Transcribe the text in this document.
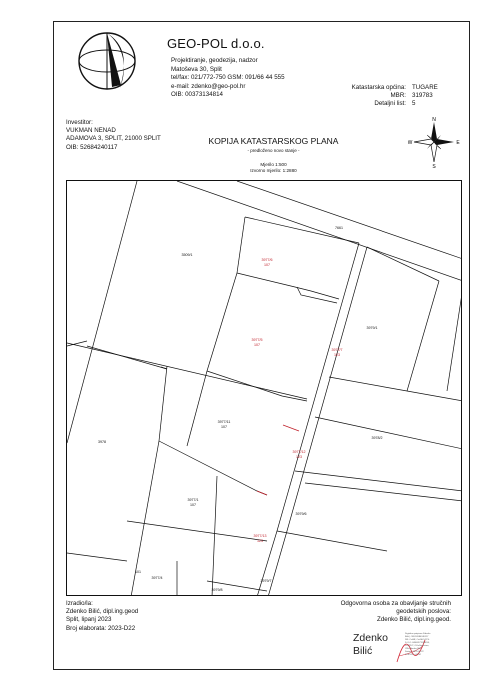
GEO-POL d.o.o.
Projektiranje, geodezija, nadzor
Matoševa 30, Split
tel/fax: 021/772-750 GSM: 091/66 44 555
e-mail: zdenko@geo-pol.hr
OIB: 00373134814
Katastarska općina: TUGARE
MBR: 319783
Detaljni list: 5
Investitor:
VUKMAN NENAD
ADAMOVA 3, SPLIT, 21000 SPLIT
OIB: 52684240117
KOPIJA KATASTARSKOG PLANA
- predloženo novo stanje -
Mjerilo 1:500
Izvorno mjerilo: 1:2880
N
S
E
W
7661
3509/1
3977/6
107
3977/5
107
3977/7
123
3979/1
3977/11
107
3977/12
123
3978/2
3978
3977/1
107
3979/6
3977/13
123
101
3977/4
3979/7
3979/8
Izradio/la:
Zdenko Bilić, dipl.ing.geod
Split, lipanj 2023
Broj elaborata: 2023-D22
Odgovorna osoba za obavljanje stručnih
geodetskih poslova:
Zdenko Bilić, dipl.ing.geod.
Zdenko
Bilić
Digitalno potpisao Zdenko
Bilić | OIB 52684240117
DN: C=HR, O=GEO-POL
D.O.O. HR00373134814,
L=SPLIT, OU=Signature,
CN=Zdenko Bilić
Datum: 2023.06.22
10:43:57 +02'00'
